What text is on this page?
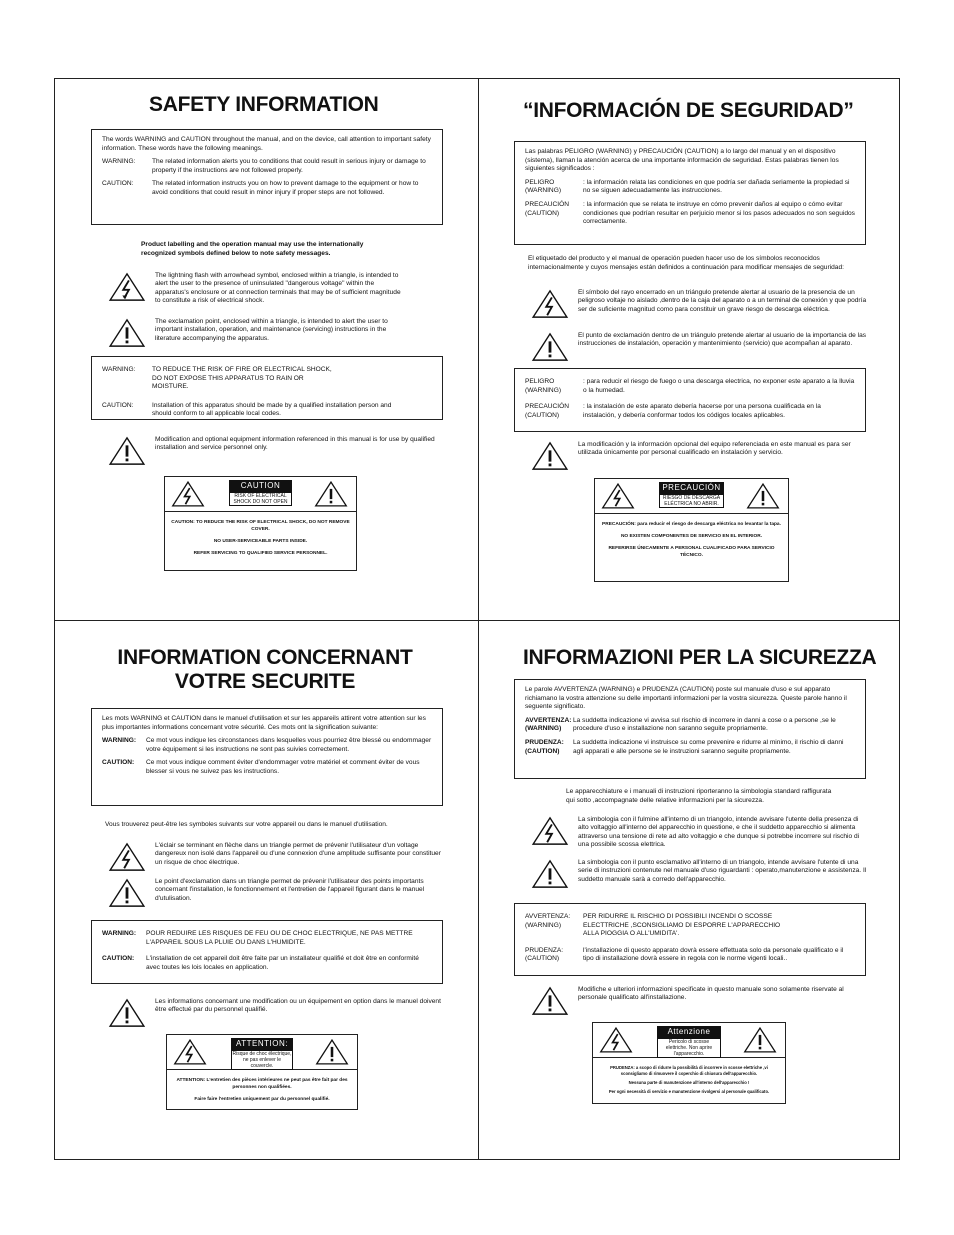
SAFETY INFORMATION

The words WARNING and CAUTION throughout the manual, and on the device, call attention to important safety information. These words have the following meanings.

WARNING:	The related information alerts you to conditions that could result in serious injury or damage to property if the instructions are not followed properly.
CAUTION:	The related information instructs you on how to prevent damage to the equipment or how to avoid conditions that could result in minor injury if proper steps are not followed.
Product labelling and the operation manual may use the internationally recognized symbols defined below to note safety messages.
The lightning flash with arrowhead symbol, enclosed within a triangle, is intended to alert the user to the presence of uninsulated "dangerous voltage" within the apparatus's enclosure or at connection terminals that may be of sufficient magnitude to constitute a risk of electrical shock.
The exclamation point, enclosed within a triangle, is intended to alert the user to important installation, operation, and maintenance (servicing) instructions in the literature accompanying the apparatus.
WARNING:	TO REDUCE THE RISK OF FIRE OR ELECTRICAL SHOCK, DO NOT EXPOSE THIS APPARATUS TO RAIN OR MOISTURE.
CAUTION:	Installation of this apparatus should be made by a qualified installation person and should conform to all applicable local codes.
Modification and optional equipment information referenced in this manual is for use by qualified installation and service personnel only.
CAUTION
RISK OF ELECTRICAL SHOCK DO NOT OPEN

CAUTION: TO REDUCE THE RISK OF ELECTRICAL SHOCK, DO NOT REMOVE COVER.

NO USER-SERVICEABLE PARTS INSIDE.

REFER SERVICING TO QUALIFIED SERVICE PERSONNEL.

“INFORMACIÓN DE SEGURIDAD”

Las palabras PELIGRO (WARNING) y PRECAUCIÓN (CAUTION) a lo largo del manual y en el dispositivo (sistema), llaman la atención acerca de una importante información de seguridad. Estas palabras tienen los siguientes significados :

PELIGRO (WARNING)
: la información relata las condiciones en que podría ser dañada seriamente la propiedad si no se siguen adecuadamente las instrucciones.
PRECAUCIÓN (CAUTION)
: la información que se relata te instruye en cómo prevenir daños al equipo o cómo evitar condiciones que podrían resultar en perjuicio menor si los pasos adecuados no son seguidos correctamente.
El etiquetado del producto y el manual de operación pueden hacer uso de los símbolos reconocidos internacionalmente y cuyos mensajes están definidos a continuación para modificar mensajes de seguridad:
El símbolo del rayo encerrado en un triángulo pretende alertar al usuario de la presencia de un peligroso voltaje no aislado ,dentro de la caja del aparato o a un terminal de conexión y que podría ser de suficiente magnitud como para constituir un grave riesgo de descarga eléctrica.
El punto de exclamación dentro de un triángulo pretende alertar al usuario de la importancia de las instrucciones de instalación, operación y mantenimiento (servicio) que acompañan al aparato.
PELIGRO (WARNING)
: para reducir el riesgo de fuego o una descarga electrica, no exponer este aparato a la lluvia o la humedad.
PRECAUCIÓN (CAUTION)
: la instalación de este aparato debería hacerse por una persona cualificada en la instalación, y debería conformar todos los códigos locales aplicables.
La modificación y la información opcional del equipo referenciada en este manual es para ser utilizada únicamente por personal cualificado en instalación y servicio.
PRECAUCIÓN
RIESGO DE DESCARGA ELÉCTRICA NO ABRIR.

PRECAUCIÓN: para reducir el riesgo de descarga eléctrica no levantar la tapa.

NO EXISTEN COMPONENTES DE SERVICIO EN EL INTERIOR.

REFERIRSE ÚNICAMENTE A PERSONAL CUALIFICADO PARA SERVICIO TÉCNICO.

INFORMATION CONCERNANT VOTRE SECURITE

Les mots WARNING et CAUTION dans le manuel d'utilisation et sur les appareils attirent votre attention sur les plus importantes informations concernant votre sécurité. Ces mots ont la signification suivante:

WARNING:	Ce mot vous indique les circonstances dans lesquelles vous pourriez être blessé ou endommager votre équipement si les instructions ne sont pas suivies correctement.
CAUTION:	Ce mot vous indique comment éviter d'endommager votre matériel et comment éviter de vous blesser si vous ne suivez pas les instructions.
Vous trouverez peut-être les symboles suivants sur votre appareil ou dans le manuel d'utilisation.
L'éclair se terminant en flèche dans un triangle permet de prévenir l'utilisateur d'un voltage dangereux non isolé dans l'appareil ou d'une connexion d'une amplitude suffisante pour constituer un risque de choc électrique.
Le point d'exclamation dans un triangle permet de prévenir l'utilisateur des points importants concernant l'installation, le fonctionnement et l'entretien de l'appareil figurant dans le manuel d'utulisation.
WARNING:	POUR REDUIRE LES RISQUES DE FEU OU DE CHOC ELECTRIQUE, NE PAS METTRE L'APPAREIL SOUS LA PLUIE OU DANS L'HUMIDITE.
CAUTION:	L'installation de cet appareil doit être faite par un installateur qualifié et doit être en conformité avec toutes les lois locales en application.
Les informations concernant une modification ou un équipement en option dans le manuel doivent être effectué par du personnel qualifié.
ATTENTION:
Risque de choc électrique, ne pas enlever le couvercle.

ATTENTION: L'entretien des pièces intérieures ne peut pas être fait par des personnes non qualifiées.

Faire faire l'entretien uniquement par du personnel qualifié.

INFORMAZIONI PER LA SICUREZZA

Le parole AVVERTENZA (WARNING) e PRUDENZA (CAUTION) poste sul manuale d'uso e sul apparato richiamano la vostra attenzione su delle importanti informazioni per la vostra sicurezza. Queste parole hanno il seguente significato.

AVVERTENZA: (WARNING)
La suddetta indicazione vi avvisa sul rischio di incorrere in danni a cose o a persone ,se le procedure d'uso e installazione non saranno seguite propriamente.
PRUDENZA: (CAUTION)
La suddetta indicazione vi instruisce su come prevenire e ridurre al minimo, il rischio di danni agli apparati e alle persone se le instruzioni saranno seguite propriamente.
Le apparecchiature e i manuali di instruzioni riporteranno la simbologia standard raffigurata qui sotto ,accompagnate delle relative informazioni per la sicurezza.
La simbologia con il fulmine all'interno di un triangolo, intende avvisare l'utente della presenza di alto voltaggio all'interno del apparecchio in questione, e che il suddetto apparecchio si alimenta attraverso una tensione di rete ad alto voltaggio e che dunque si potrebbe incorrere sul rischio di una possibile scossa elettrica.
La simbologia con il punto esclamativo all'interno di un triangolo, intende avvisare l'utente di una serie di instruzioni contenute nel manuale d'uso riguardanti : operato,manutenzione e assistenza. Il suddetto manuale sarà a corredo dell'apparecchio.
AVVERTENZA: (WARNING)
PER RIDURRE IL RISCHIO DI POSSIBILI INCENDI O SCOSSE ELECTTRICHE ,SCONSIGLIAMO DI ESPORRE L'APPARECCHIO ALLA PIOGGIA O ALL'UMIDITA'.
PRUDENZA: (CAUTION)
l'installazione di questo apparato dovrà essere effettuata solo da personale qualificato e il tipo di installazione dovrà essere in regola con le norme vigenti locali..
Modifiche e ulteriori informazioni specificate in questo manuale sono solamente riservate al personale qualificato all'installazione.
Attenzione
Pericolo di scosse elettriche. Non aprire l'apparecchio.

PRUDENZA: a scopo di ridurre la possibilità di incorrere in scosse elettriche ,vi sconsigliamo di rimuovere il coperchio di chiusura dell'apparecchio.

Nessuna parte di manutenzione all'interno dell'apparecchio !

Per ogni necessità di servizio e manutenzione rivolgersi al personale qualificato.
